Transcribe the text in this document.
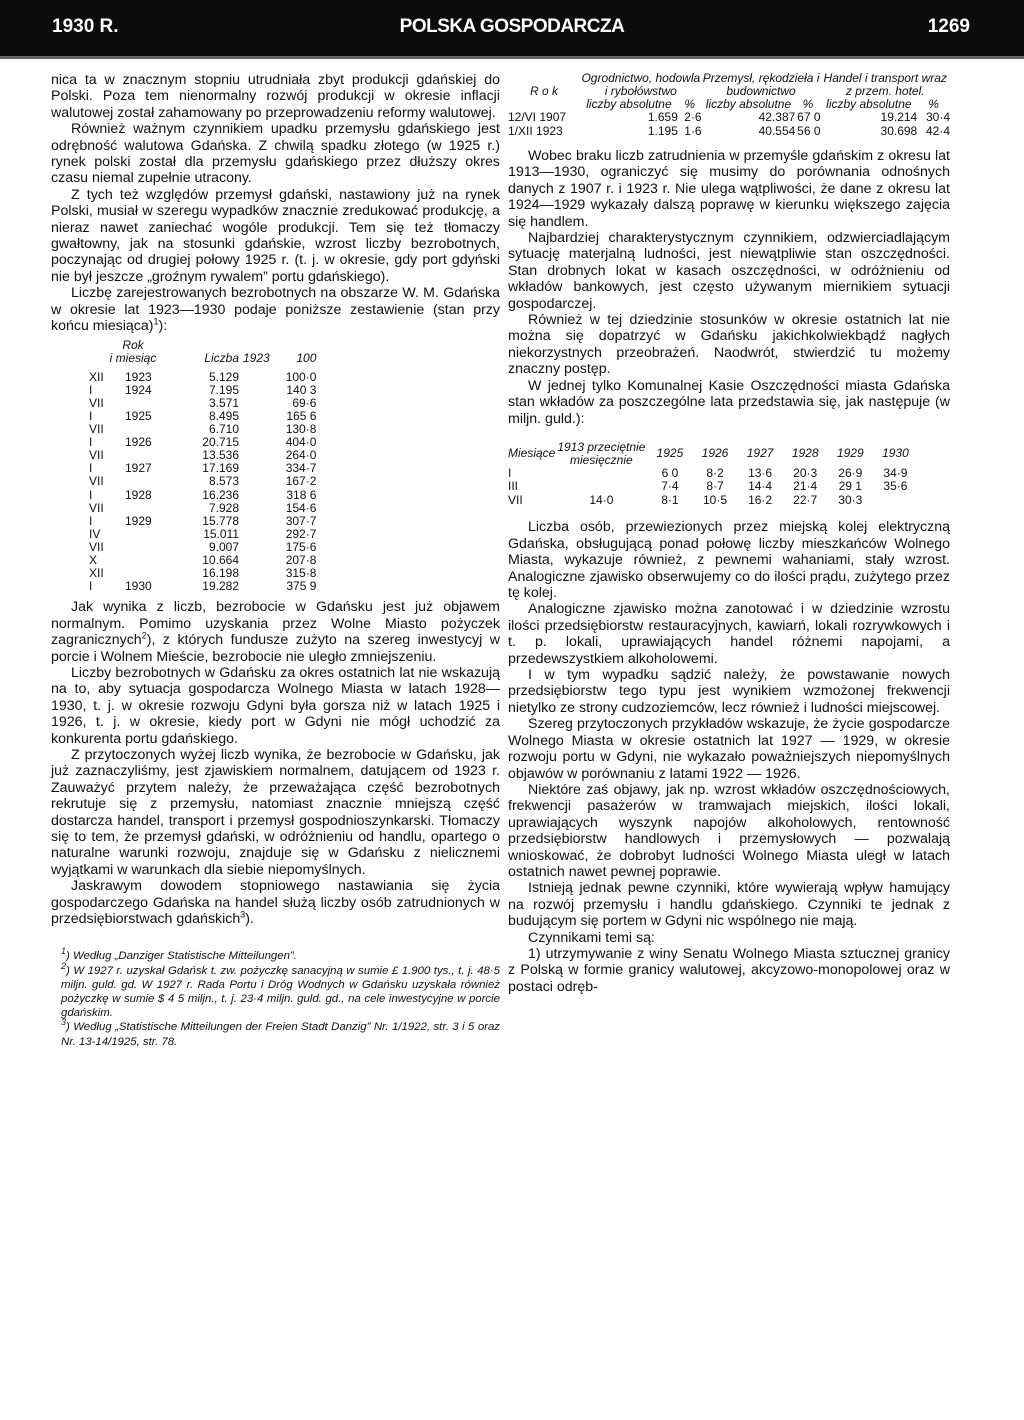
1930 R.	POLSKA GOSPODARCZA	1269

nica ta w znacznym stopniu utrudniała zbyt produkcji gdańskiej do Polski. Poza tem nienormalny rozwój produkcji w okresie inflacji walutowej został zahamowany po przeprowadzeniu reformy walutowej.

Również ważnym czynnikiem upadku przemysłu gdańskiego jest odrębność walutowa Gdańska. Z chwilą spadku złotego (w 1925 r.) rynek polski został dla przemysłu gdańskiego przez dłuższy okres czasu niemal zupełnie utracony.

Z tych też względów przemysł gdański, nastawiony już na rynek Polski, musiał w szeregu wypadków znacznie zredukować produkcję, a nieraz nawet zaniechać wogóle produkcji. Tem się też tłomaczy gwałtowny, jak na stosunki gdańskie, wzrost liczby bezrobotnych, poczynając od drugiej połowy 1925 r. (t. j. w okresie, gdy port gdyński nie był jeszcze „groźnym rywalem” portu gdańskiego).

Liczbę zarejestrowanych bezrobotnych na obszarze W. M. Gdańska w okresie lat 1923—1930 podaje poniższe zestawienie (stan przy końcu miesiąca)$^1$):

Rok
i miesiąc		Liczba	1923 100
XII	1923	5.129	100·0
I	1924	7.195	140 3
VII		3.571	69·6
I	1925	8.495	165 6
VII		6.710	130·8
I	1926	20.715	404·0
VII		13.536	264·0
I	1927	17.169	334·7
VII		8.573	167·2
I	1928	16.236	318 6
VII		7.928	154·6
I	1929	15.778	307·7
IV		15.011	292·7
VII		9.007	175·6
X		10.664	207·8
XII		16.198	315·8
I	1930	19.282	375 9

Jak wynika z liczb, bezrobocie w Gdańsku jest już objawem normalnym. Pomimo uzyskania przez Wolne Miasto pożyczek zagranicznych$^2$), z których fundusze zużyto na szereg inwestycyj w porcie i Wolnem Mieście, bezrobocie nie uległo zmniejszeniu.

Liczby bezrobotnych w Gdańsku za okres ostatnich lat nie wskazują na to, aby sytuacja gospodarcza Wolnego Miasta w latach 1928—1930, t. j. w okresie rozwoju Gdyni była gorsza niż w latach 1925 i 1926, t. j. w okresie, kiedy port w Gdyni nie mógł uchodzić za konkurenta portu gdańskiego.

Z przytoczonych wyżej liczb wynika, że bezrobocie w Gdańsku, jak już zaznaczyliśmy, jest zjawiskiem normalnem, datującem od 1923 r. Zauważyć przytem należy, że przeważająca część bezrobotnych rekrutuje się z przemysłu, natomiast znacznie mniejszą część dostarcza handel, transport i przemysł gospodnioszynkarski. Tłomaczy się to tem, że przemysł gdański, w odróżnieniu od handlu, opartego o naturalne warunki rozwoju, znajduje się w Gdańsku z nielicznemi wyjątkami w warunkach dla siebie niepomyślnych.

Jaskrawym dowodem stopniowego nastawiania się życia gospodarczego Gdańska na handel służą liczby osób zatrudnionych w przedsiębiorstwach gdańskich$^3$).

$^1$) Według „Danziger Statistische Mitteilungen”.

$^2$) W 1927 r. uzyskał Gdańsk t. zw. pożyczkę sanacyjną w sumie £ 1.900 tys., t. j. 48·5 miljn. guld. gd. W 1927 r. Rada Portu i Dróg Wodnych w Gdańsku uzyskała również pożyczkę w sumie $ 4 5 miljn., t. j. 23·4 miljn. guld. gd., na cele inwestycyjne w porcie gdańskim.

$^3$) Według „Statistische Mitteilungen der Freien Stadt Danzig” Nr. 1/1922, str. 3 i 5 oraz Nr. 13-14/1925, str. 78.

R o k	Ogrodnictwo, hodowla i rybołówstwo		Przemysł, rękodzieła i budownictwo		Handel i transport wraz z przem. hotel.	
	liczby absolutne	%	liczby absolutne	%	liczby absolutne	%
12/VI 1907	1.659	2·6	42.387	67 0	19.214	30·4
1/XII 1923	1.195	1·6	40.554	56 0	30.698	42·4

Wobec braku liczb zatrudnienia w przemyśle gdańskim z okresu lat 1913—1930, ograniczyć się musimy do porównania odnośnych danych z 1907 r. i 1923 r. Nie ulega wątpliwości, że dane z okresu lat 1924—1929 wykazały dalszą poprawę w kierunku większego zajęcia się handlem.

Najbardziej charakterystycznym czynnikiem, odzwierciadlającym sytuację materjalną ludności, jest niewątpliwie stan oszczędności. Stan drobnych lokat w kasach oszczędności, w odróżnieniu od wkładów bankowych, jest często używanym miernikiem sytuacji gospodarczej.

Również w tej dziedzinie stosunków w okresie ostatnich lat nie można się dopatrzyć w Gdańsku jakichkolwiekbądź nagłych niekorzystnych przeobrażeń. Naodwrót, stwierdzić tu możemy znaczny postęp.

W jednej tylko Komunalnej Kasie Oszczędności miasta Gdańska stan wkładów za poszczególne lata przedstawia się, jak następuje (w miljn. guld.):

Miesiące	1913 przeciętnie miesięcznie	1925	1926	1927	1928	1929	1930
I		6 0	8·2	13·6	20·3	26·9	34·9
III		7·4	8·7	14·4	21·4	29 1	35·6
VII	14·0	8·1	10·5	16·2	22·7	30·3	

Liczba osób, przewiezionych przez miejską kolej elektryczną Gdańska, obsługującą ponad połowę liczby mieszkańców Wolnego Miasta, wykazuje również, z pewnemi wahaniami, stały wzrost. Analogiczne zjawisko obserwujemy co do ilości prądu, zużytego przez tę kolej.

Analogiczne zjawisko można zanotować i w dziedzinie wzrostu ilości przedsiębiorstw restauracyjnych, kawiarń, lokali rozrywkowych i t. p. lokali, uprawiających handel różnemi napojami, a przedewszystkiem alkoholowemi.

I w tym wypadku sądzić należy, że powstawanie nowych przedsiębiorstw tego typu jest wynikiem wzmożonej frekwencji nietylko ze strony cudzoziemców, lecz również i ludności miejscowej.

Szereg przytoczonych przykładów wskazuje, że życie gospodarcze Wolnego Miasta w okresie ostatnich lat 1927 — 1929, w okresie rozwoju portu w Gdyni, nie wykazało poważniejszych niepomyślnych objawów w porównaniu z latami 1922 — 1926.

Niektóre zaś objawy, jak np. wzrost wkładów oszczędnościowych, frekwencji pasażerów w tramwajach miejskich, ilości lokali, uprawiających wyszynk napojów alkoholowych, rentowność przedsiębiorstw handlowych i przemysłowych — pozwalają wnioskować, że dobrobyt ludności Wolnego Miasta uległ w latach ostatnich nawet pewnej poprawie.

Istnieją jednak pewne czynniki, które wywierają wpływ hamujący na rozwój przemysłu i handlu gdańskiego. Czynniki te jednak z budującym się portem w Gdyni nic wspólnego nie mają.

Czynnikami temi są:

1) utrzymywanie z winy Senatu Wolnego Miasta sztucznej granicy z Polską w formie granicy walutowej, akcyzowo-monopolowej oraz w postaci odręb-
